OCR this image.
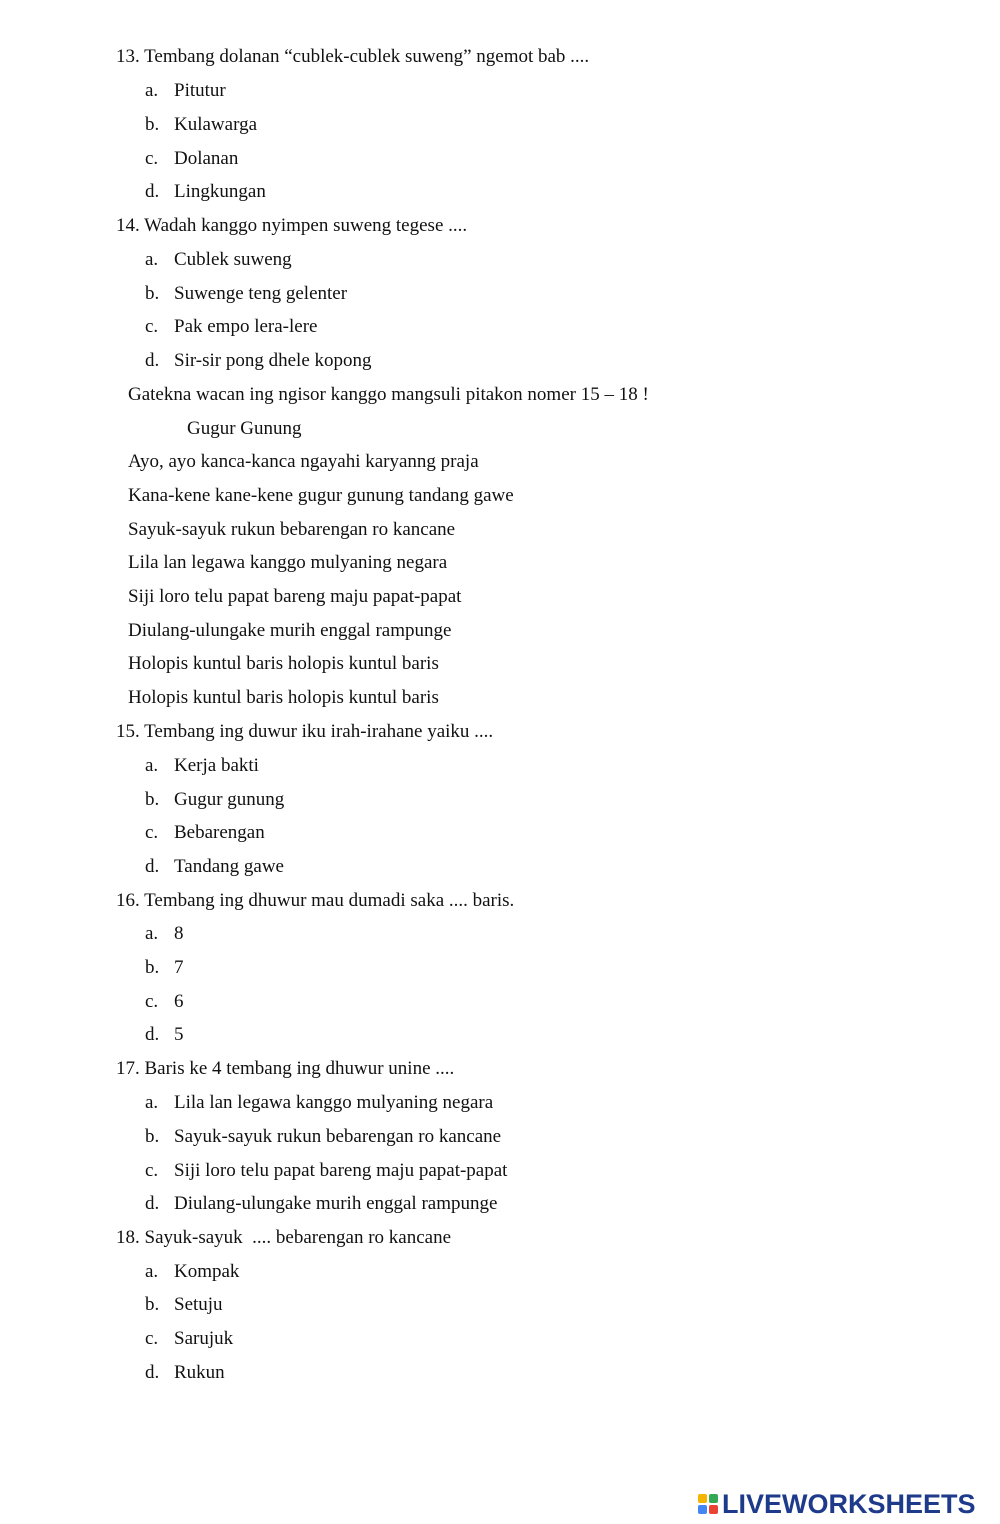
13. Tembang dolanan “cublek-cublek suweng” ngemot bab ....
a. Pitutur
b. Kulawarga
c. Dolanan
d. Lingkungan
14. Wadah kanggo nyimpen suweng tegese ....
a. Cublek suweng
b. Suwenge teng gelenter
c. Pak empo lera-lere
d. Sir-sir pong dhele kopong
Gatekna wacan ing ngisor kanggo mangsuli pitakon nomer 15 – 18 !
Gugur Gunung
Ayo, ayo kanca-kanca ngayahi karyanng praja
Kana-kene kane-kene gugur gunung tandang gawe
Sayuk-sayuk rukun bebarengan ro kancane
Lila lan legawa kanggo mulyaning negara
Siji loro telu papat bareng maju papat-papat
Diulang-ulungake murih enggal rampunge
Holopis kuntul baris holopis kuntul baris
Holopis kuntul baris holopis kuntul baris
15. Tembang ing duwur iku irah-irahane yaiku ....
a. Kerja bakti
b. Gugur gunung
c. Bebarengan
d. Tandang gawe
16. Tembang ing dhuwur mau dumadi saka .... baris.
a. 8
b. 7
c. 6
d. 5
17. Baris ke 4 tembang ing dhuwur unine ....
a. Lila lan legawa kanggo mulyaning negara
b. Sayuk-sayuk rukun bebarengan ro kancane
c. Siji loro telu papat bareng maju papat-papat
d. Diulang-ulungake murih enggal rampunge
18. Sayuk-sayuk  .... bebarengan ro kancane
a. Kompak
b. Setuju
c. Sarujuk
d. Rukun
LIVEWORKSHEETS
